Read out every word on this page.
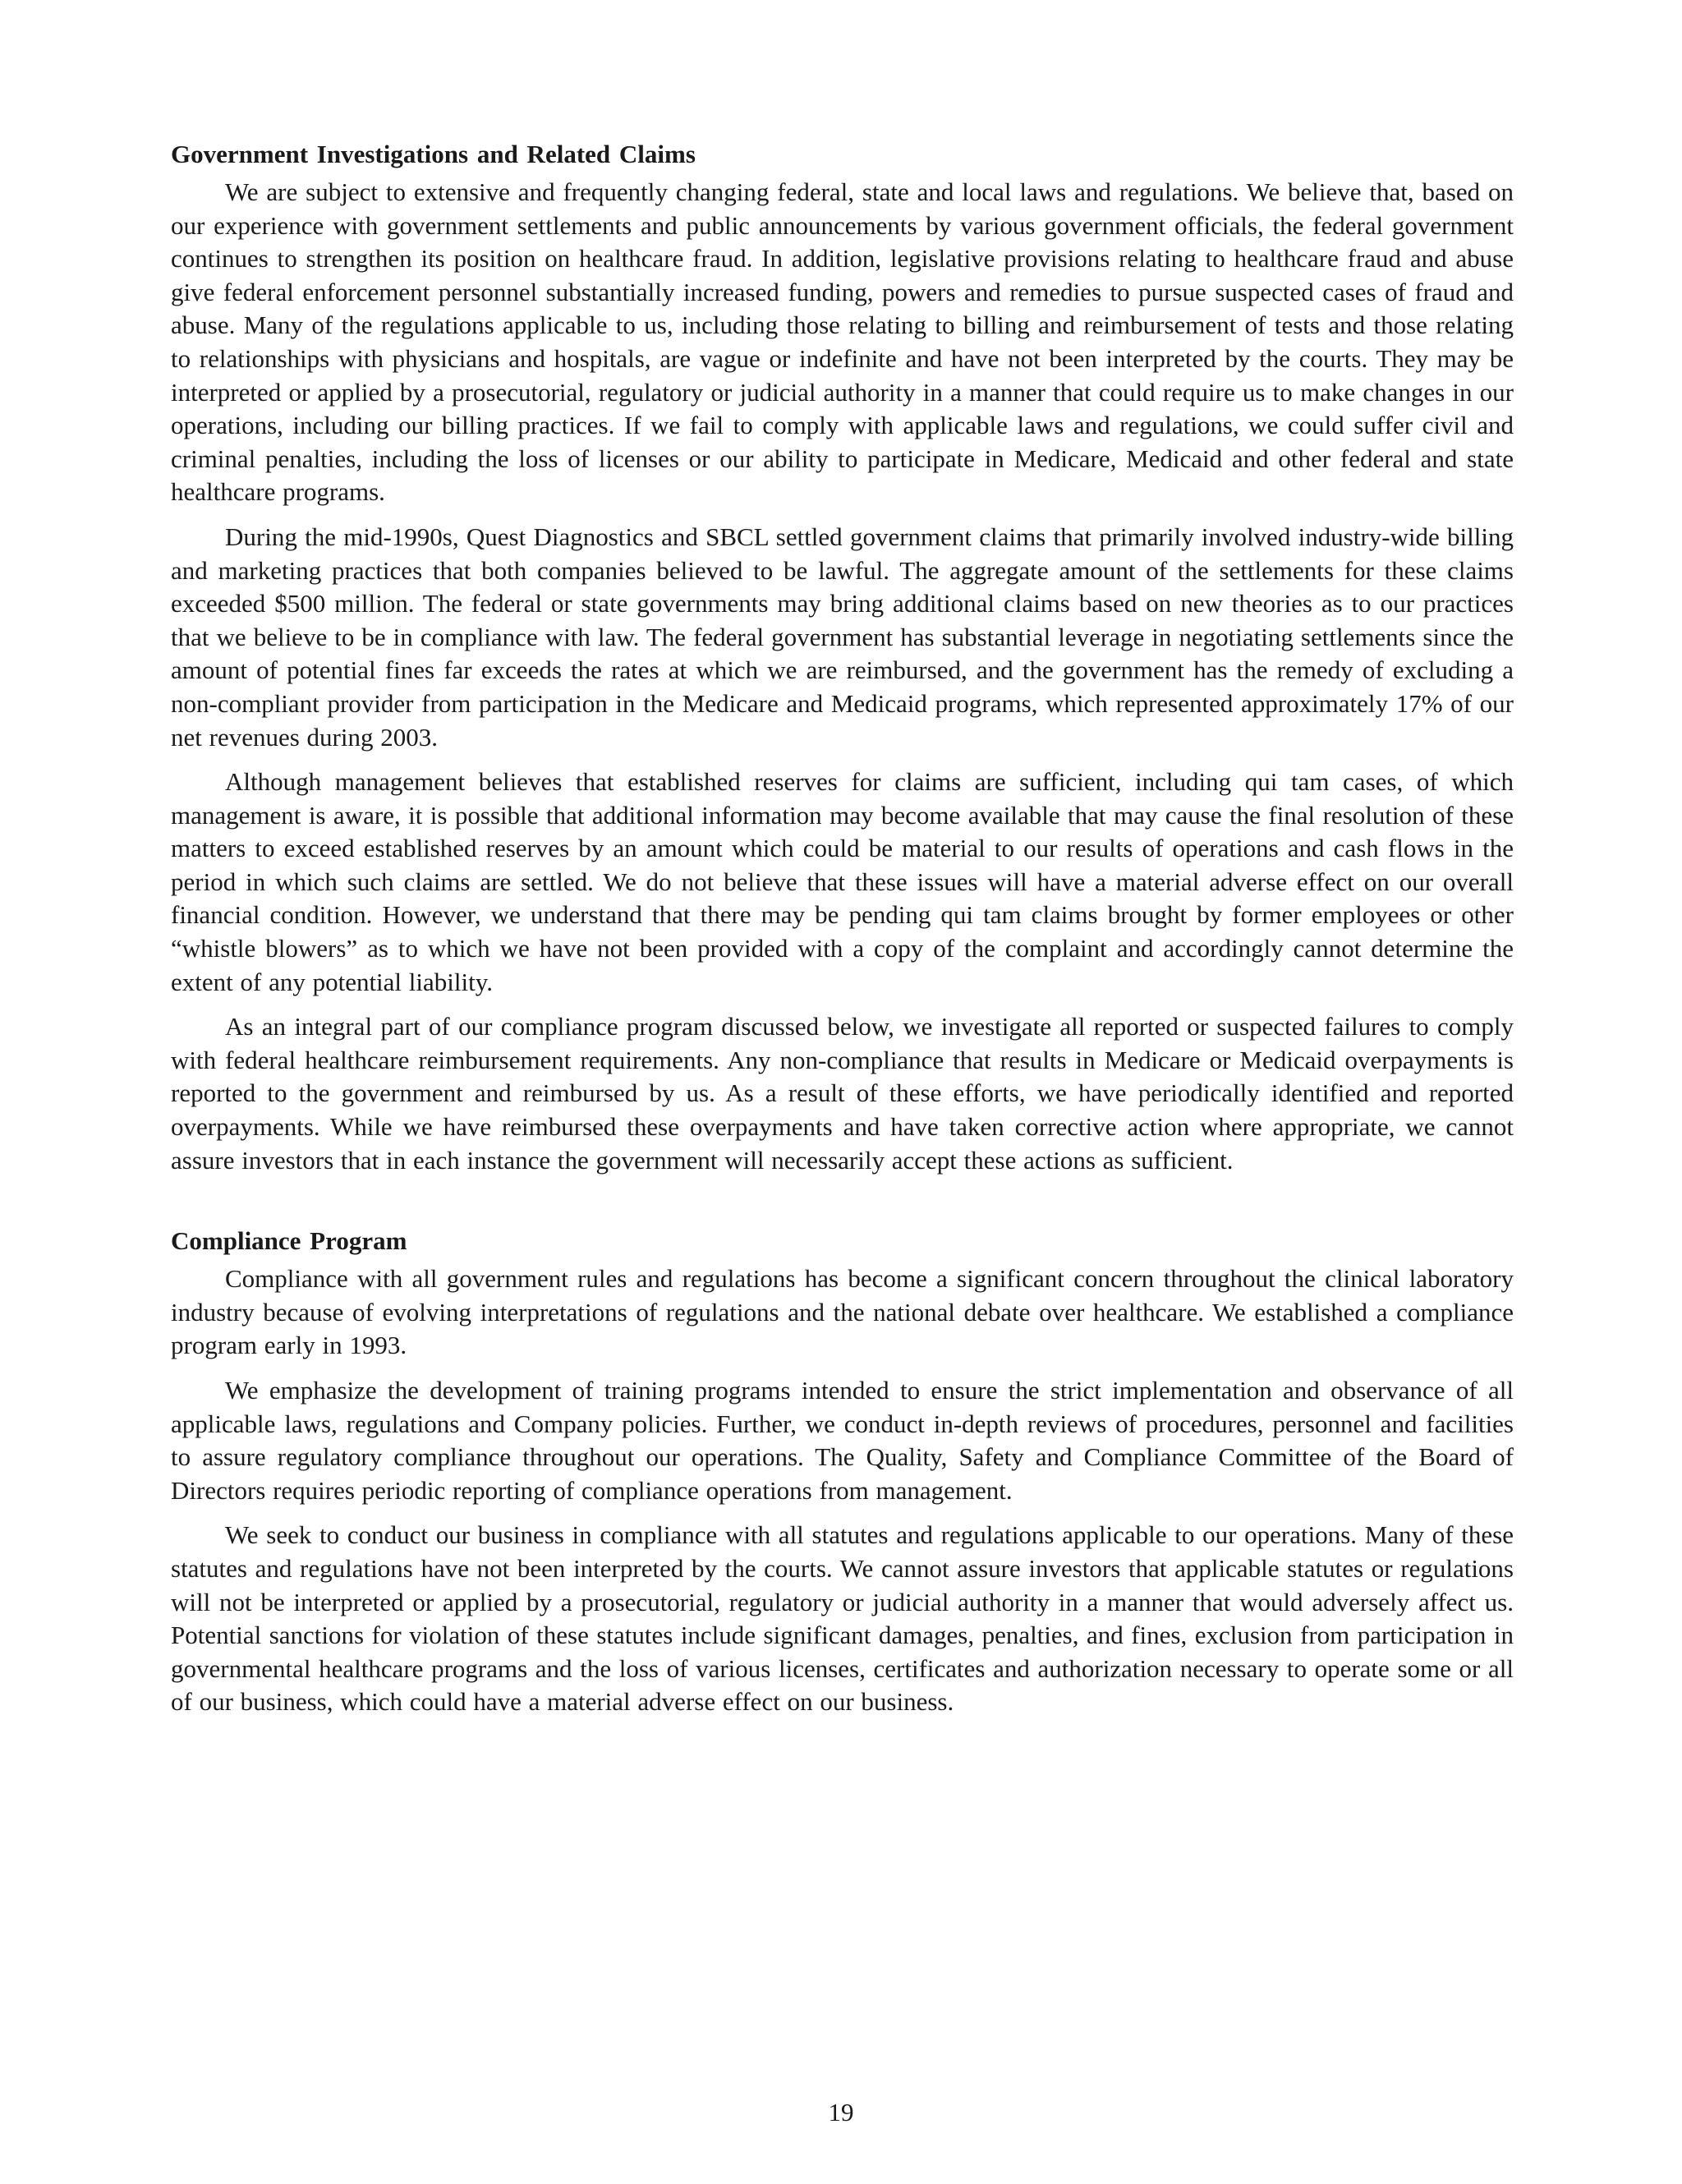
Government Investigations and Related Claims

We are subject to extensive and frequently changing federal, state and local laws and regulations. We believe that, based on our experience with government settlements and public announcements by various government officials, the federal government continues to strengthen its position on healthcare fraud. In addition, legislative provisions relating to healthcare fraud and abuse give federal enforcement personnel substantially increased funding, powers and remedies to pursue suspected cases of fraud and abuse. Many of the regulations applicable to us, including those relating to billing and reimbursement of tests and those relating to relationships with physicians and hospitals, are vague or indefinite and have not been interpreted by the courts. They may be interpreted or applied by a prosecutorial, regulatory or judicial authority in a manner that could require us to make changes in our operations, including our billing practices. If we fail to comply with applicable laws and regulations, we could suffer civil and criminal penalties, including the loss of licenses or our ability to participate in Medicare, Medicaid and other federal and state healthcare programs.

During the mid-1990s, Quest Diagnostics and SBCL settled government claims that primarily involved industry-wide billing and marketing practices that both companies believed to be lawful. The aggregate amount of the settlements for these claims exceeded $500 million. The federal or state governments may bring additional claims based on new theories as to our practices that we believe to be in compliance with law. The federal government has substantial leverage in negotiating settlements since the amount of potential fines far exceeds the rates at which we are reimbursed, and the government has the remedy of excluding a non-compliant provider from participation in the Medicare and Medicaid programs, which represented approximately 17% of our net revenues during 2003.

Although management believes that established reserves for claims are sufficient, including qui tam cases, of which management is aware, it is possible that additional information may become available that may cause the final resolution of these matters to exceed established reserves by an amount which could be material to our results of operations and cash flows in the period in which such claims are settled. We do not believe that these issues will have a material adverse effect on our overall financial condition. However, we understand that there may be pending qui tam claims brought by former employees or other “whistle blowers” as to which we have not been provided with a copy of the complaint and accordingly cannot determine the extent of any potential liability.

As an integral part of our compliance program discussed below, we investigate all reported or suspected failures to comply with federal healthcare reimbursement requirements. Any non-compliance that results in Medicare or Medicaid overpayments is reported to the government and reimbursed by us. As a result of these efforts, we have periodically identified and reported overpayments. While we have reimbursed these overpayments and have taken corrective action where appropriate, we cannot assure investors that in each instance the government will necessarily accept these actions as sufficient.

Compliance Program

Compliance with all government rules and regulations has become a significant concern throughout the clinical laboratory industry because of evolving interpretations of regulations and the national debate over healthcare. We established a compliance program early in 1993.

We emphasize the development of training programs intended to ensure the strict implementation and observance of all applicable laws, regulations and Company policies. Further, we conduct in-depth reviews of procedures, personnel and facilities to assure regulatory compliance throughout our operations. The Quality, Safety and Compliance Committee of the Board of Directors requires periodic reporting of compliance operations from management.

We seek to conduct our business in compliance with all statutes and regulations applicable to our operations. Many of these statutes and regulations have not been interpreted by the courts. We cannot assure investors that applicable statutes or regulations will not be interpreted or applied by a prosecutorial, regulatory or judicial authority in a manner that would adversely affect us. Potential sanctions for violation of these statutes include significant damages, penalties, and fines, exclusion from participation in governmental healthcare programs and the loss of various licenses, certificates and authorization necessary to operate some or all of our business, which could have a material adverse effect on our business.

19
